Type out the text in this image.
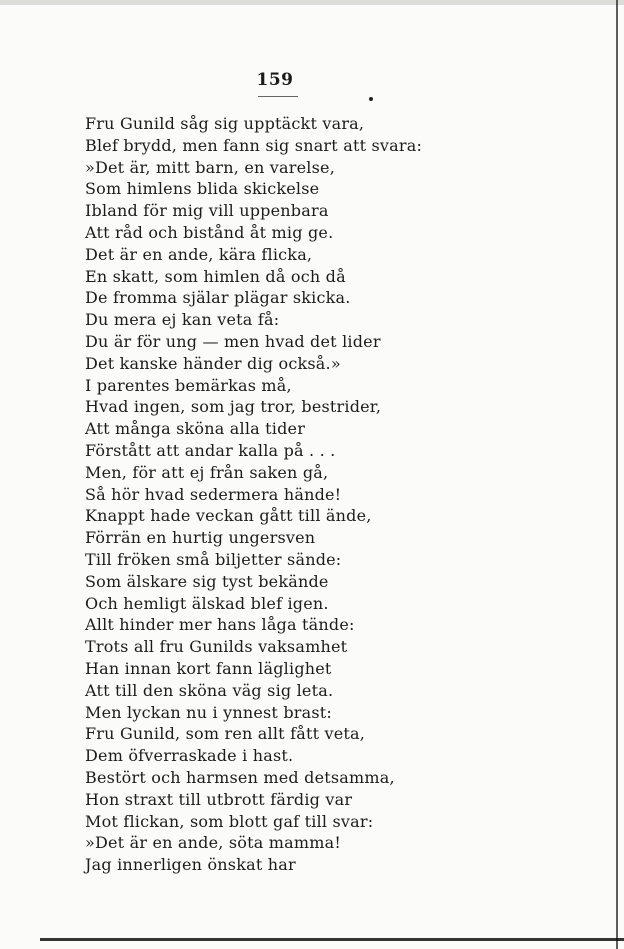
159
Fru Gunild såg sig upptäckt vara,
Blef brydd, men fann sig snart att svara:
»Det är, mitt barn, en varelse,
Som himlens blida skickelse
Ibland för mig vill uppenbara
Att råd och bistånd åt mig ge.
Det är en ande, kära flicka,
En skatt, som himlen då och då
De fromma själar plägar skicka.
Du mera ej kan veta få:
Du är för ung — men hvad det lider
Det kanske händer dig också.»
I parentes bemärkas må,
Hvad ingen, som jag tror, bestrider,
Att många sköna alla tider
Förstått att andar kalla på . . .
Men, för att ej från saken gå,
Så hör hvad sedermera hände!
Knappt hade veckan gått till ände,
Förrän en hurtig ungersven
Till fröken små biljetter sände:
Som älskare sig tyst bekände
Och hemligt älskad blef igen.
Allt hinder mer hans låga tände:
Trots all fru Gunilds vaksamhet
Han innan kort fann läglighet
Att till den sköna väg sig leta.
Men lyckan nu i ynnest brast:
Fru Gunild, som ren allt fått veta,
Dem öfverraskade i hast.
Bestört och harmsen med detsamma,
Hon straxt till utbrott färdig var
Mot flickan, som blott gaf till svar:
»Det är en ande, söta mamma!
Jag innerligen önskat har
